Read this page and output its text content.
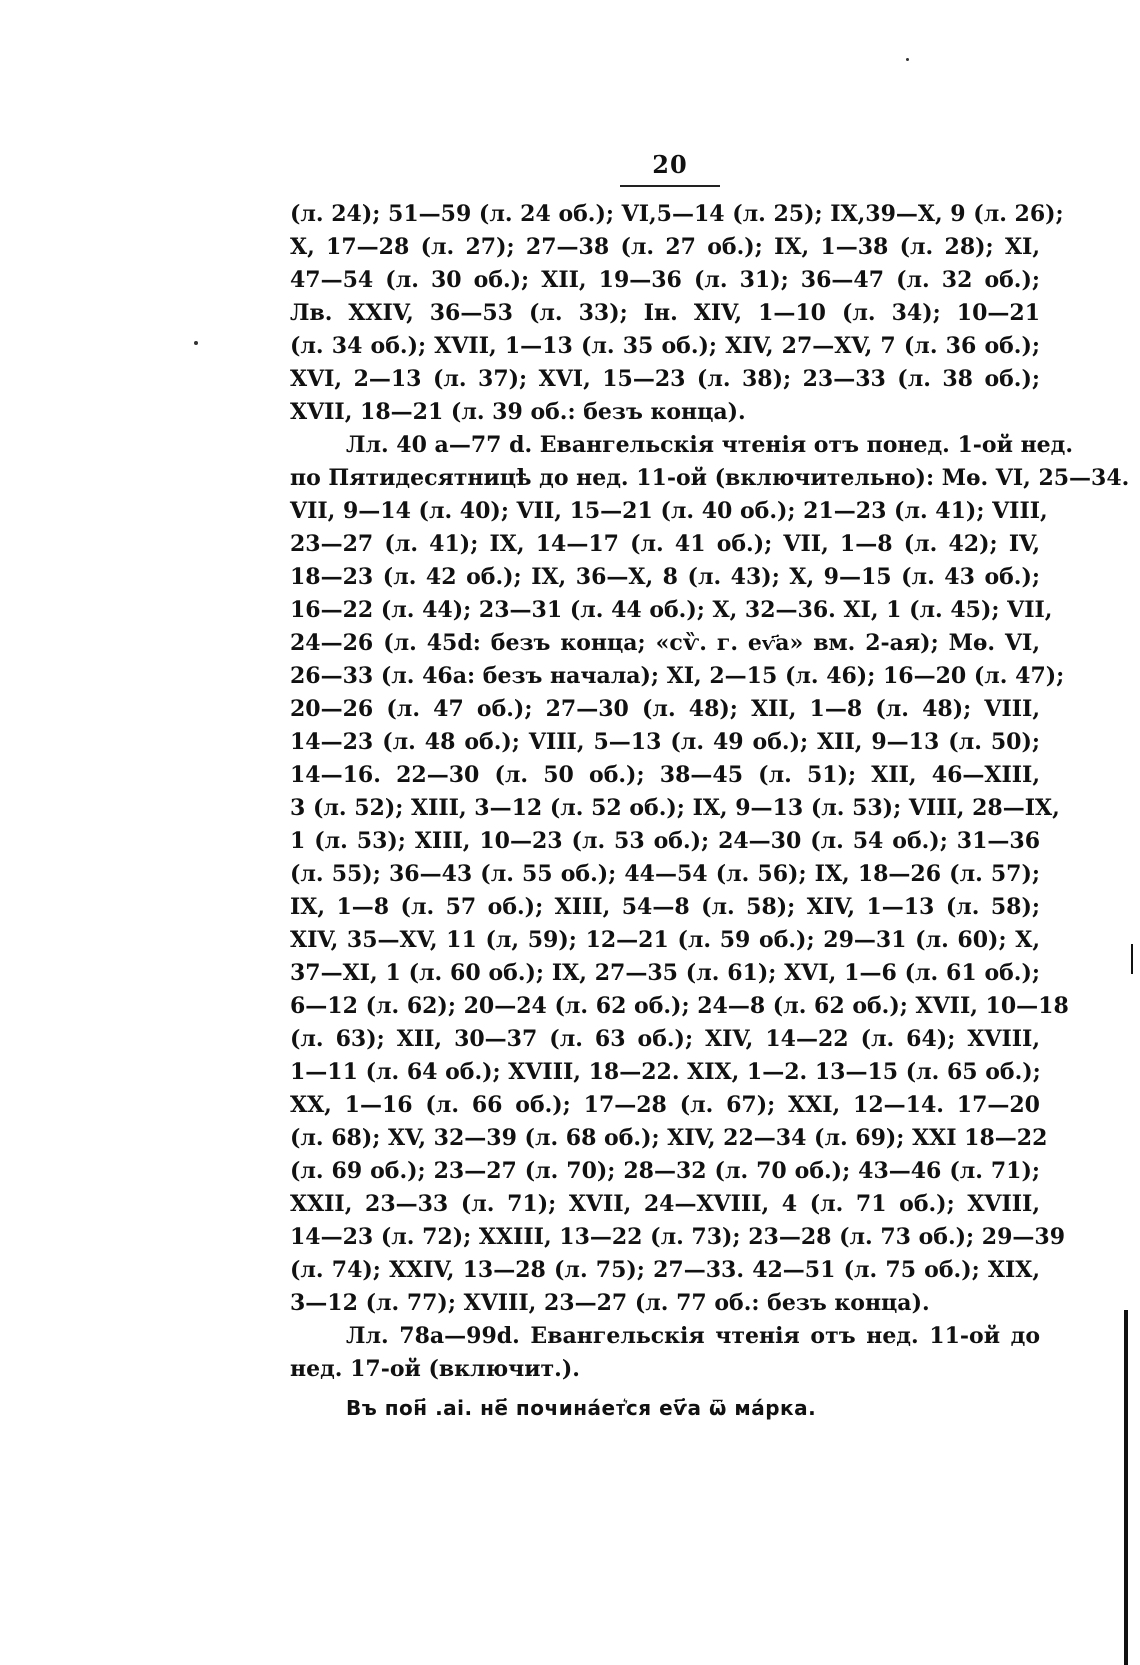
20
(л. 24); 51—59 (л. 24 об.); VI,5—14 (л. 25); IX,39—X, 9 (л. 26);
X, 17—28 (л. 27); 27—38 (л. 27 об.); IX, 1—38 (л. 28); XI,
47—54 (л. 30 об.); XII, 19—36 (л. 31); 36—47 (л. 32 об.);
Лв. XXIV, 36—53 (л. 33); Ін. XIV, 1—10 (л. 34); 10—21
(л. 34 об.); XVII, 1—13 (л. 35 об.); XIV, 27—XV, 7 (л. 36 об.);
XVI, 2—13 (л. 37); XVI, 15—23 (л. 38); 23—33 (л. 38 об.);
XVII, 18—21 (л. 39 об.: безъ конца).
Лл. 40 а—77 d. Евангельскія чтенія отъ понед. 1-ой нед.
по Пятидесятницѣ до нед. 11-ой (включительно): Мѳ. VI, 25—34.
VII, 9—14 (л. 40); VII, 15—21 (л. 40 об.); 21—23 (л. 41); VIII,
23—27 (л. 41); IX, 14—17 (л. 41 об.); VII, 1—8 (л. 42); IV,
18—23 (л. 42 об.); IX, 36—X, 8 (л. 43); X, 9—15 (л. 43 об.);
16—22 (л. 44); 23—31 (л. 44 об.); X, 32—36. XI, 1 (л. 45); VII,
24—26 (л. 45d: безъ конца; «сѷ. г. еѵ҃а» вм. 2-ая); Мѳ. VI,
26—33 (л. 46а: безъ начала); XI, 2—15 (л. 46); 16—20 (л. 47);
20—26 (л. 47 об.); 27—30 (л. 48); XII, 1—8 (л. 48); VIII,
14—23 (л. 48 об.); VIII, 5—13 (л. 49 об.); XII, 9—13 (л. 50);
14—16. 22—30 (л. 50 об.); 38—45 (л. 51); XII, 46—XIII,
3 (л. 52); XIII, 3—12 (л. 52 об.); IX, 9—13 (л. 53); VIII, 28—IX,
1 (л. 53); XIII, 10—23 (л. 53 об.); 24—30 (л. 54 об.); 31—36
(л. 55); 36—43 (л. 55 об.); 44—54 (л. 56); IX, 18—26 (л. 57);
IX, 1—8 (л. 57 об.); XIII, 54—8 (л. 58); XIV, 1—13 (л. 58);
XIV, 35—XV, 11 (л, 59); 12—21 (л. 59 об.); 29—31 (л. 60); X,
37—XI, 1 (л. 60 об.); IX, 27—35 (л. 61); XVI, 1—6 (л. 61 об.);
6—12 (л. 62); 20—24 (л. 62 об.); 24—8 (л. 62 об.); XVII, 10—18
(л. 63); XII, 30—37 (л. 63 об.); XIV, 14—22 (л. 64); XVIII,
1—11 (л. 64 об.); XVIII, 18—22. XIX, 1—2. 13—15 (л. 65 об.);
XX, 1—16 (л. 66 об.); 17—28 (л. 67); XXI, 12—14. 17—20
(л. 68); XV, 32—39 (л. 68 об.); XIV, 22—34 (л. 69); XXI 18—22
(л. 69 об.); 23—27 (л. 70); 28—32 (л. 70 об.); 43—46 (л. 71);
XXII, 23—33 (л. 71); XVII, 24—XVIII, 4 (л. 71 об.); XVIII,
14—23 (л. 72); XXIII, 13—22 (л. 73); 23—28 (л. 73 об.); 29—39
(л. 74); XXIV, 13—28 (л. 75); 27—33. 42—51 (л. 75 об.); XIX,
3—12 (л. 77); XVIII, 23—27 (л. 77 об.: безъ конца).
Лл. 78а—99d. Евангельскія чтенія отъ нед. 11-ой до
нед. 17-ой (включит.).
Въ пон҃ .аі. не҃ почина́ет͛ся еѵ҃а ѿ ма́рка.
